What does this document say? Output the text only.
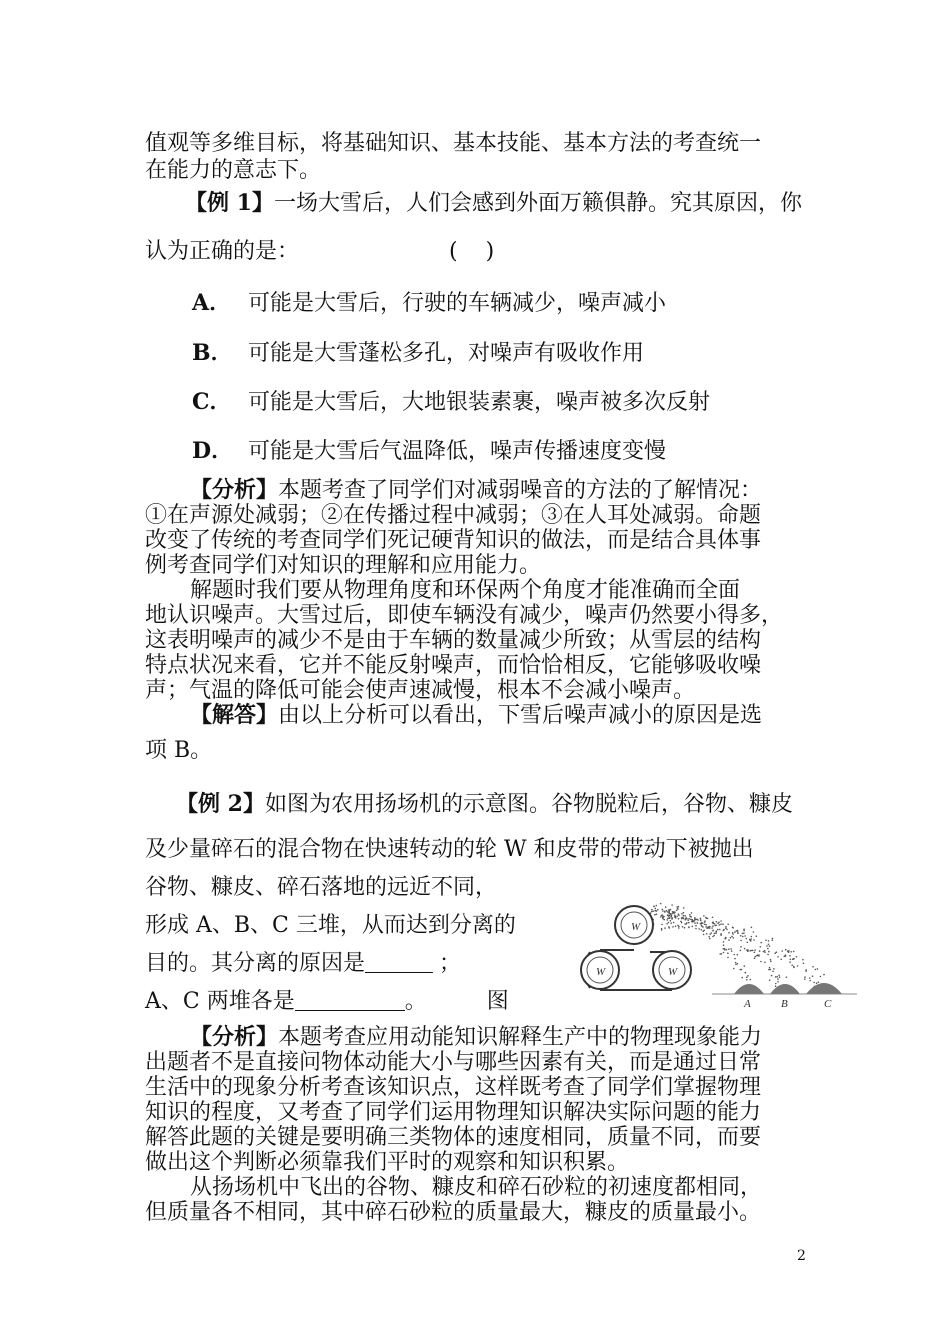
值观等多维目标，将基础知识、基本技能、基本方法的考查统一
在能力的意志下。
【例 1】一场大雪后，人们会感到外面万籁俱静。究其原因，你
认为正确的是：	(    )
A． 可能是大雪后，行驶的车辆减少，噪声减小
B． 可能是大雪蓬松多孔，对噪声有吸收作用
C． 可能是大雪后，大地银装素裹，噪声被多次反射
D． 可能是大雪后气温降低，噪声传播速度变慢
【分析】本题考查了同学们对减弱噪音的方法的了解情况：
①在声源处减弱；②在传播过程中减弱；③在人耳处减弱。命题
改变了传统的考查同学们死记硬背知识的做法，而是结合具体事
例考查同学们对知识的理解和应用能力。
解题时我们要从物理角度和环保两个角度才能准确而全面
地认识噪声。大雪过后，即使车辆没有减少，噪声仍然要小得多，
这表明噪声的减少不是由于车辆的数量减少所致；从雪层的结构
特点状况来看，它并不能反射噪声，而恰恰相反，它能够吸收噪
声；气温的降低可能会使声速减慢，根本不会减小噪声。
【解答】由以上分析可以看出，下雪后噪声减小的原因是选
项 B。
【例 2】如图为农用扬场机的示意图。谷物脱粒后，谷物、糠皮
及少量碎石的混合物在快速转动的轮 W 和皮带的带动下被抛出
谷物、糠皮、碎石落地的远近不同，
形成 A、B、C 三堆，从而达到分离的
目的。其分离的原因是	；
A、C 两堆各是	。	图
W
W	W
A	B	C
【分析】本题考查应用动能知识解释生产中的物理现象能力
出题者不是直接问物体动能大小与哪些因素有关，而是通过日常
生活中的现象分析考查该知识点，这样既考查了同学们掌握物理
知识的程度，又考查了同学们运用物理知识解决实际问题的能力
解答此题的关键是要明确三类物体的速度相同，质量不同，而要
做出这个判断必须靠我们平时的观察和知识积累。
从扬场机中飞出的谷物、糠皮和碎石砂粒的初速度都相同，
但质量各不相同，其中碎石砂粒的质量最大，糠皮的质量最小。
2
